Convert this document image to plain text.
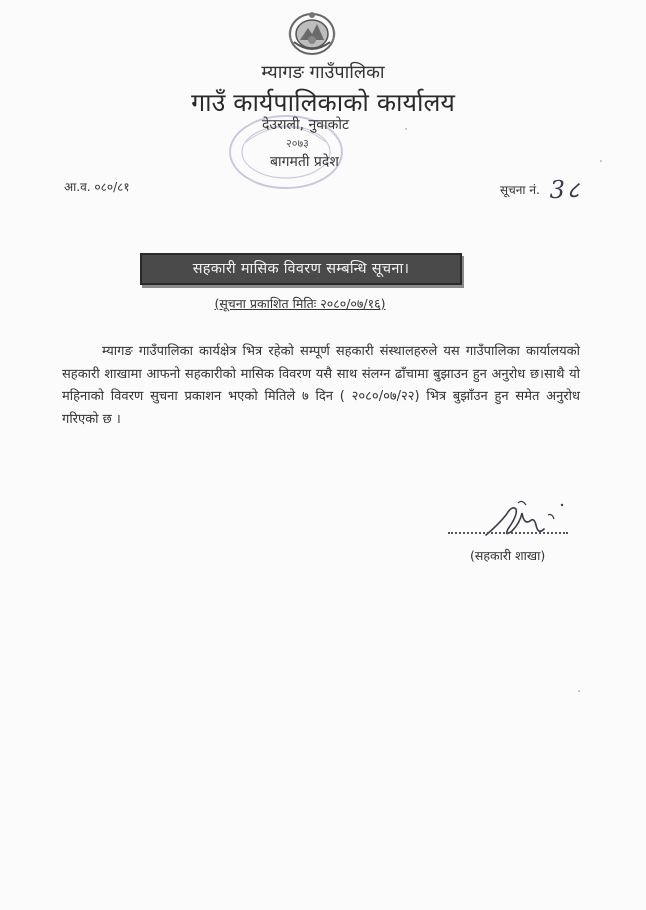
म्यागङ गाउँपालिका
गाउँ कार्यपालिकाको कार्यालय
देउराली, नुवाकोट
२०७३
बागमती प्रदेश
आ.व. ०८०/८१	सूचना नं. 3८
सहकारी मासिक विवरण सम्बन्धि सूचना।
(सूचना प्रकाशित मितिः २०८०/०७/१६)

म्यागङ गाउँपालिका कार्यक्षेत्र भित्र रहेको सम्पूर्ण सहकारी संस्थालहरुले यस गाउँपालिका कार्यालयको सहकारी शाखामा आफनो सहकारीको मासिक विवरण यसै साथ संलग्न ढाँचामा बुझाउन हुन अनुरोध छ।साथै यो महिनाको विवरण सुचना प्रकाशन भएको मितिले ७ दिन ( २०८०/०७/२२) भित्र बुझाँउन हुन समेत अनुरोध गरिएको छ ।

(सहकारी शाखा)
